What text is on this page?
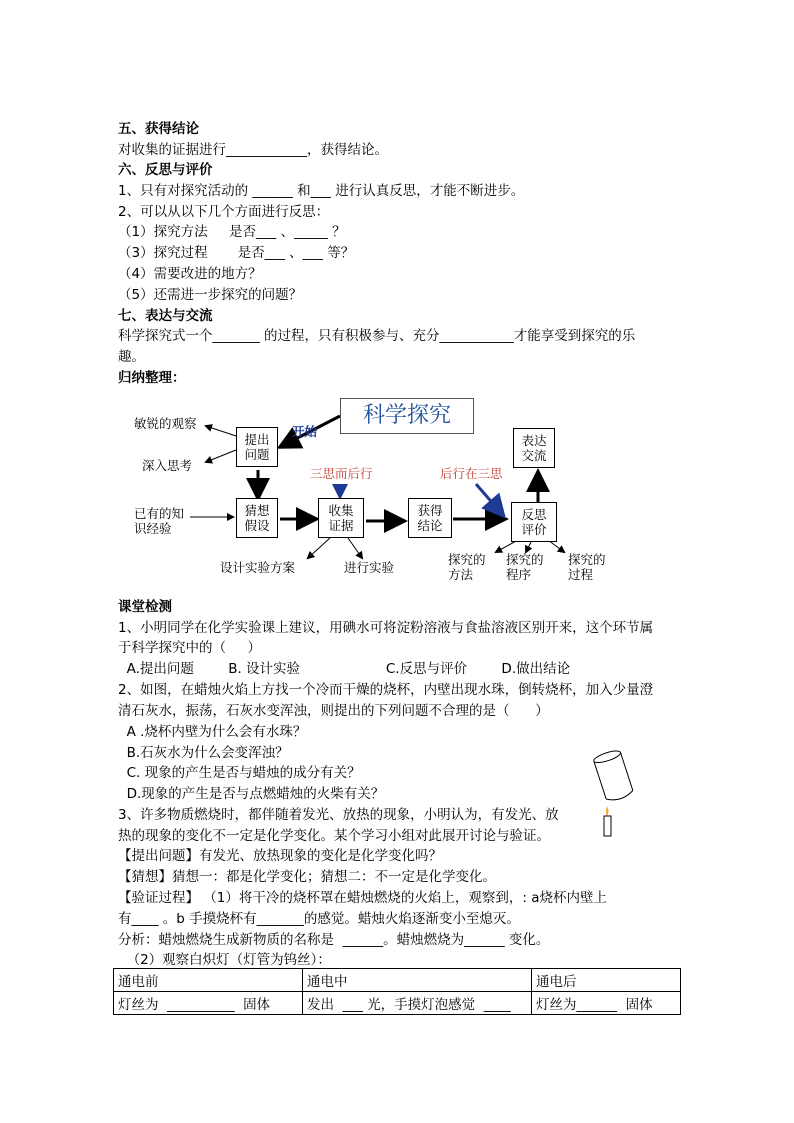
五、获得结论
对收集的证据进行____________，获得结论。
六、反思与评价
1、只有对探究活动的 ______ 和___ 进行认真反思，才能不断进步。
2、可以从以下几个方面进行反思：
（1）探究方法     是否___ 、_____ ？
（3）探究过程       是否___ 、___ 等？
（4）需要改进的地方？
（5）还需进一步探究的问题？
七、表达与交流
科学探究式一个_______ 的过程，只有积极参与、充分___________才能享受到探究的乐
趣。
归纳整理：
科学探究
开始
提出
问题
猜想
假设
收集
证据
获得
结论
反思
评价
表达
交流
敏锐的观察
深入思考
已有的知
识经验
设计实验方案	进行实验
三思而后行	后行在三思
探究的
方法
探究的
程序
探究的
过程
课堂检测
1、小明同学在化学实验课上建议，用碘水可将淀粉溶液与食盐溶液区别开来，这个环节属
于科学探究中的（     ）
A.提出问题        B. 设计实验                    C.反思与评价        D.做出结论
2、如图，在蜡烛火焰上方找一个冷而干燥的烧杯，内壁出现水珠，倒转烧杯，加入少量澄
清石灰水，振荡，石灰水变浑浊，则提出的下列问题不合理的是（      ）
A .烧杯内壁为什么会有水珠？
B.石灰水为什么会变浑浊？
C. 现象的产生是否与蜡烛的成分有关？
D.现象的产生是否与点燃蜡烛的火柴有关？
3、许多物质燃烧时，都伴随着发光、放热的现象，小明认为，有发光、放
热的现象的变化不一定是化学变化。某个学习小组对此展开讨论与验证。
【提出问题】有发光、放热现象的变化是化学变化吗？
【猜想】猜想一：都是化学变化；猜想二：不一定是化学变化。
【验证过程】 （1）将干冷的烧杯罩在蜡烛燃烧的火焰上，观察到，: a烧杯内壁上
有____ 。b 手摸烧杯有_______的感觉。蜡烛火焰逐渐变小至熄灭。
分析：蜡烛燃烧生成新物质的名称是  ______。蜡烛燃烧为______ 变化。
（2）观察白炽灯（灯管为钨丝）：
通电前	通电中	通电后
灯丝为  __________  固体	发出  ___ 光，手摸灯泡感觉  ____	灯丝为______  固体
